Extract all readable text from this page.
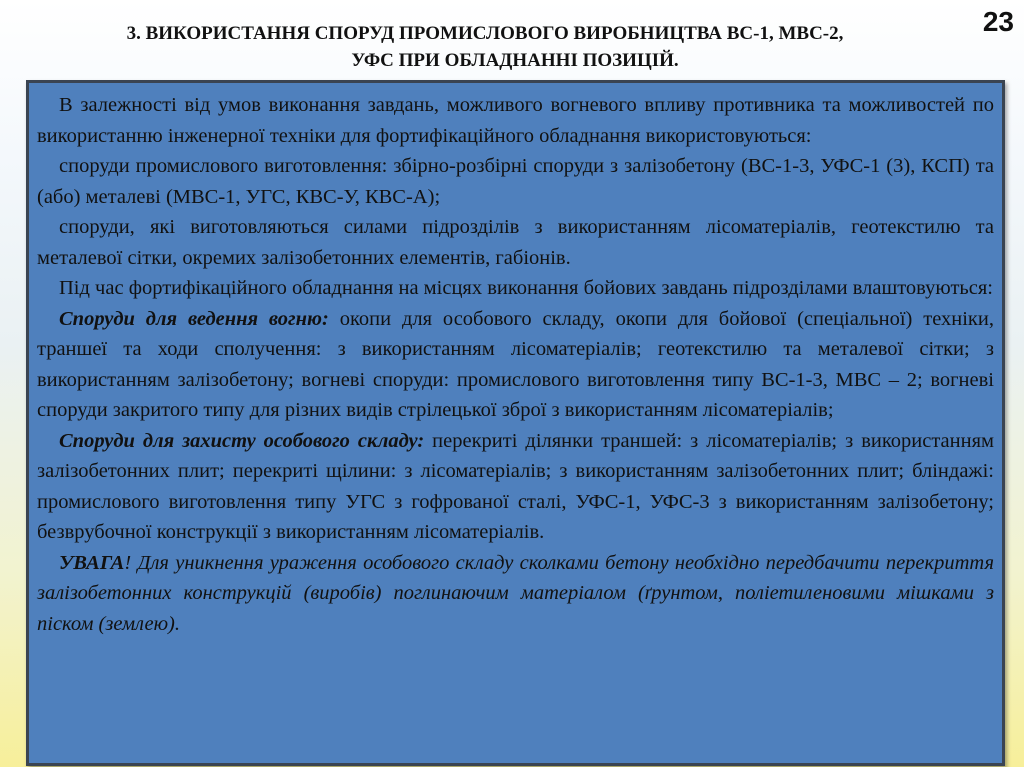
3. ВИКОРИСТАННЯ СПОРУД ПРОМИСЛОВОГО ВИРОБНИЦТВА ВС-1, МВС-2,
УФС ПРИ ОБЛАДНАННІ ПОЗИЦІЙ.
23

В залежності від умов виконання завдань, можливого вогневого впливу противника та можливостей по використанню інженерної техніки для фортифікаційного обладнання використовуються:

споруди промислового виготовлення: збірно-розбірні споруди з залізобетону (ВС-1-3, УФС-1 (3), КСП) та (або) металеві (МВС-1, УГС, КВС-У, КВС-А);

споруди, які виготовляються силами підрозділів з використанням лісоматеріалів, геотекстилю та металевої сітки, окремих залізобетонних елементів, габіонів.

Під час фортифікаційного обладнання на місцях виконання бойових завдань підрозділами влаштовуються:

Споруди для ведення вогню: окопи для особового складу, окопи для бойової (спеціальної) техніки, траншеї та ходи сполучення: з використанням лісоматеріалів; геотекстилю та металевої сітки; з використанням залізобетону; вогневі споруди: промислового виготовлення типу ВС-1-3, МВС – 2; вогневі споруди закритого типу для різних видів стрілецької зброї з використанням лісоматеріалів;

Споруди для захисту особового складу: перекриті ділянки траншей: з лісоматеріалів; з використанням залізобетонних плит; перекриті щілини: з лісоматеріалів; з використанням залізобетонних плит; бліндажі: промислового виготовлення типу УГС з гофрованої сталі, УФС-1, УФС-3 з використанням залізобетону; безврубочної конструкції з використанням лісоматеріалів.

УВАГА! Для уникнення ураження особового складу сколками бетону необхідно передбачити перекриття залізобетонних конструкцій (виробів) поглинаючим матеріалом (ґрунтом, поліетиленовими мішками з піском (землею).
